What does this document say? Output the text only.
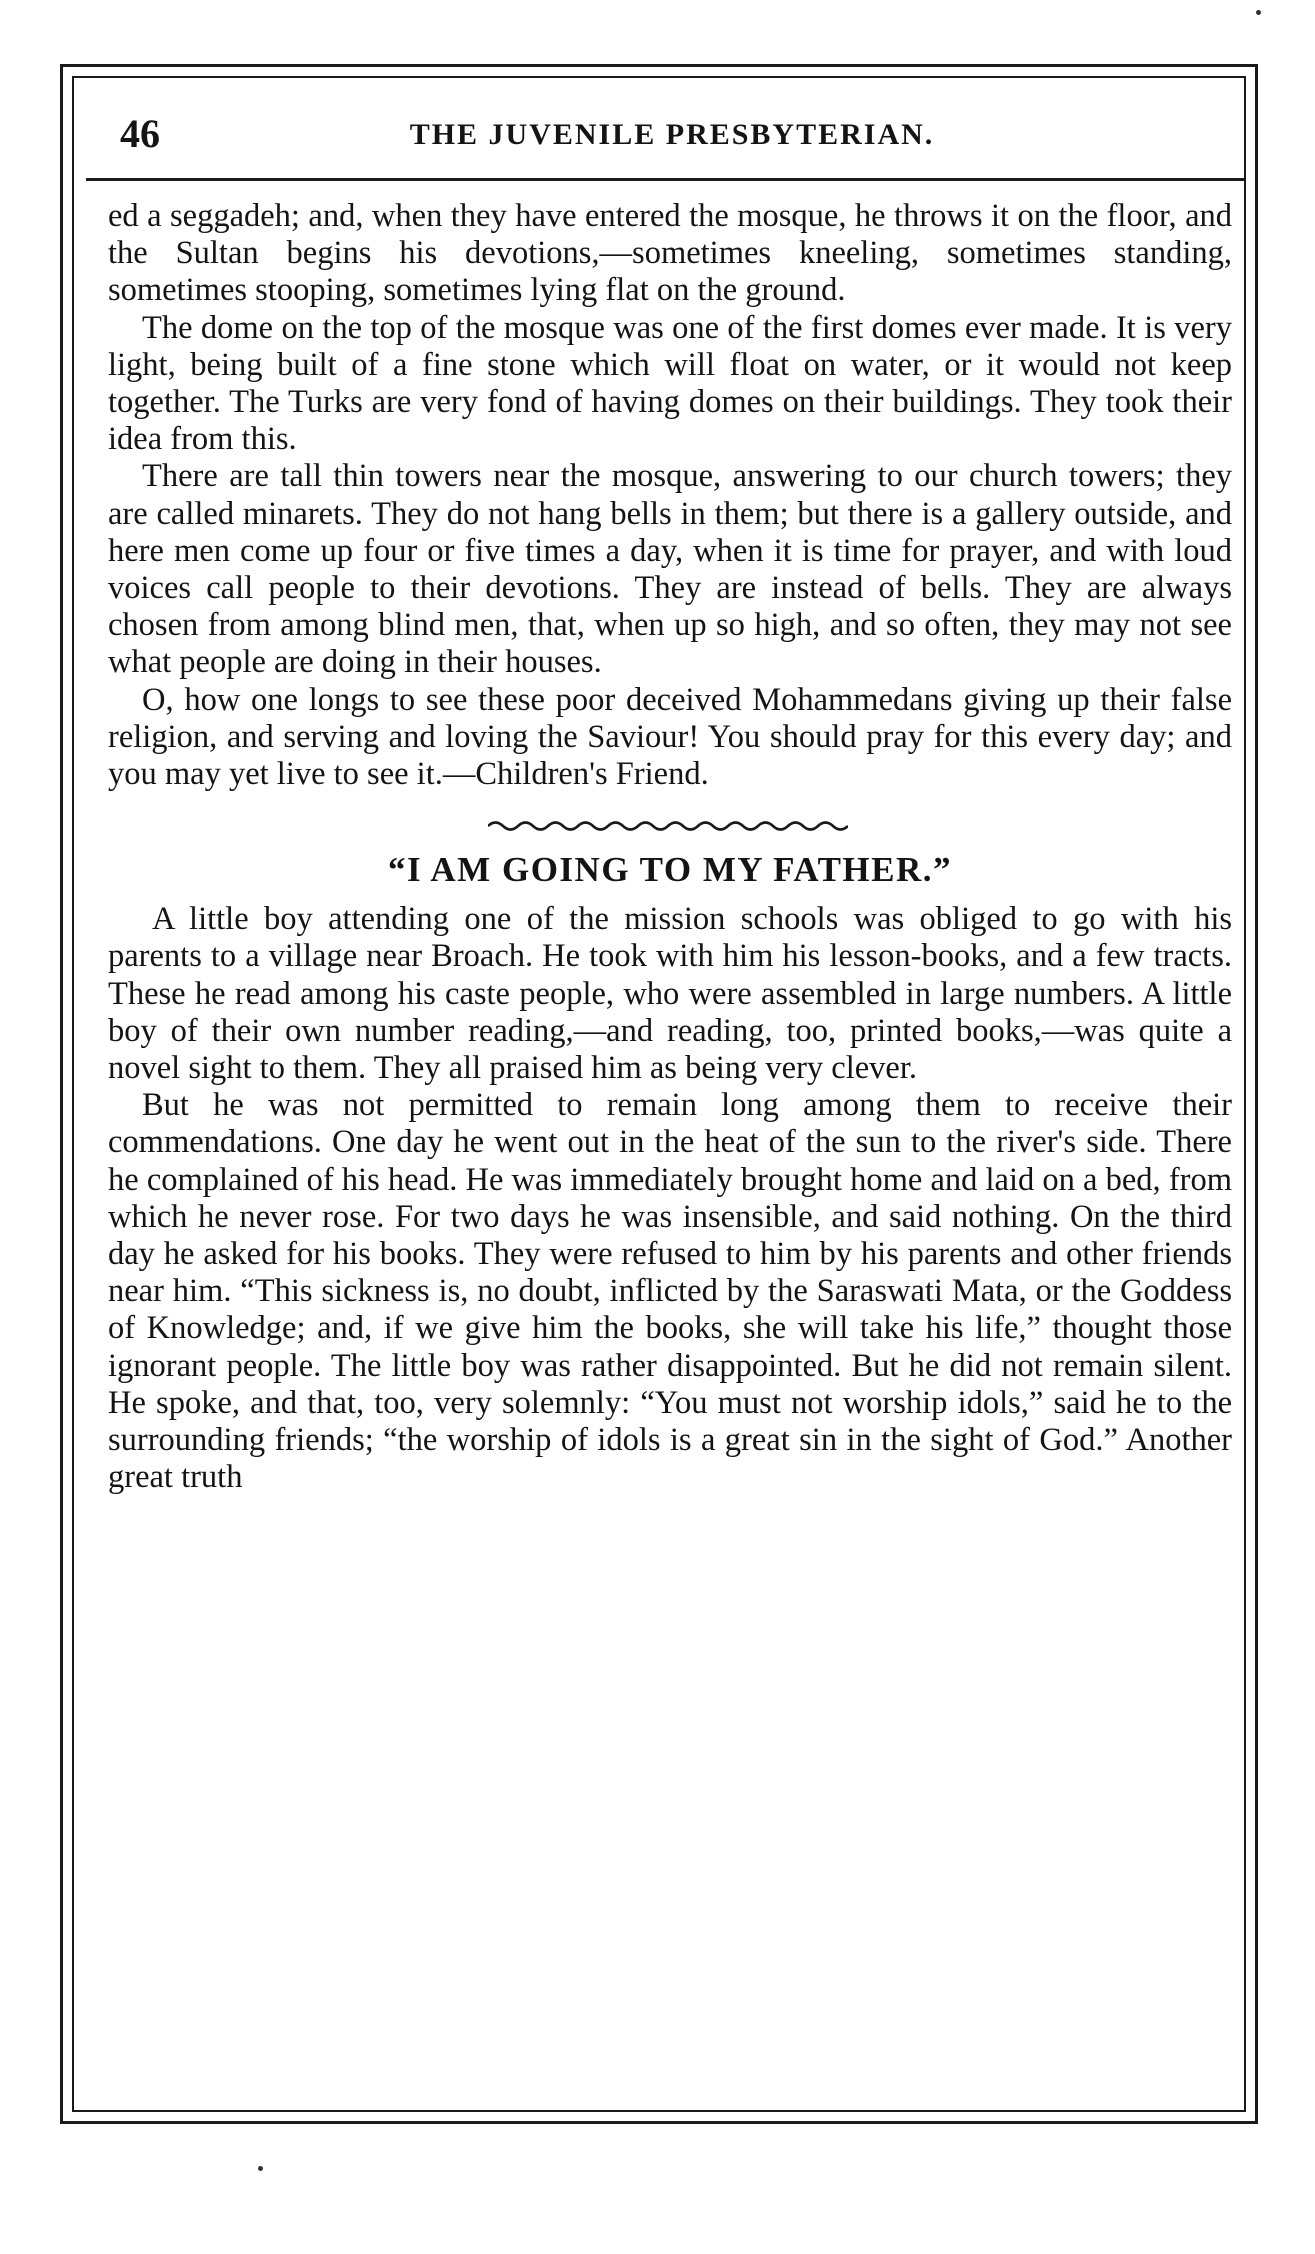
46	THE JUVENILE PRESBYTERIAN.

ed a seggadeh; and, when they have entered the mosque, he throws it on the floor, and the Sultan begins his devotions,—sometimes kneeling, sometimes standing, sometimes stooping, sometimes lying flat on the ground.

The dome on the top of the mosque was one of the first domes ever made. It is very light, being built of a fine stone which will float on water, or it would not keep together. The Turks are very fond of having domes on their buildings. They took their idea from this.

There are tall thin towers near the mosque, answering to our church towers; they are called minarets. They do not hang bells in them; but there is a gallery outside, and here men come up four or five times a day, when it is time for prayer, and with loud voices call people to their devotions. They are instead of bells. They are always chosen from among blind men, that, when up so high, and so often, they may not see what people are doing in their houses.

O, how one longs to see these poor deceived Mohammedans giving up their false religion, and serving and loving the Saviour! You should pray for this every day; and you may yet live to see it.—Children's Friend.

“I AM GOING TO MY FATHER.”

A little boy attending one of the mission schools was obliged to go with his parents to a village near Broach. He took with him his lesson-books, and a few tracts. These he read among his caste people, who were assembled in large numbers. A little boy of their own number reading,—and reading, too, printed books,—was quite a novel sight to them. They all praised him as being very clever.

But he was not permitted to remain long among them to receive their commendations. One day he went out in the heat of the sun to the river's side. There he complained of his head. He was immediately brought home and laid on a bed, from which he never rose. For two days he was insensible, and said nothing. On the third day he asked for his books. They were refused to him by his parents and other friends near him. “This sickness is, no doubt, inflicted by the Saraswati Mata, or the Goddess of Knowledge; and, if we give him the books, she will take his life,” thought those ignorant people. The little boy was rather disappointed. But he did not remain silent. He spoke, and that, too, very solemnly: “You must not worship idols,” said he to the surrounding friends; “the worship of idols is a great sin in the sight of God.” Another great truth
